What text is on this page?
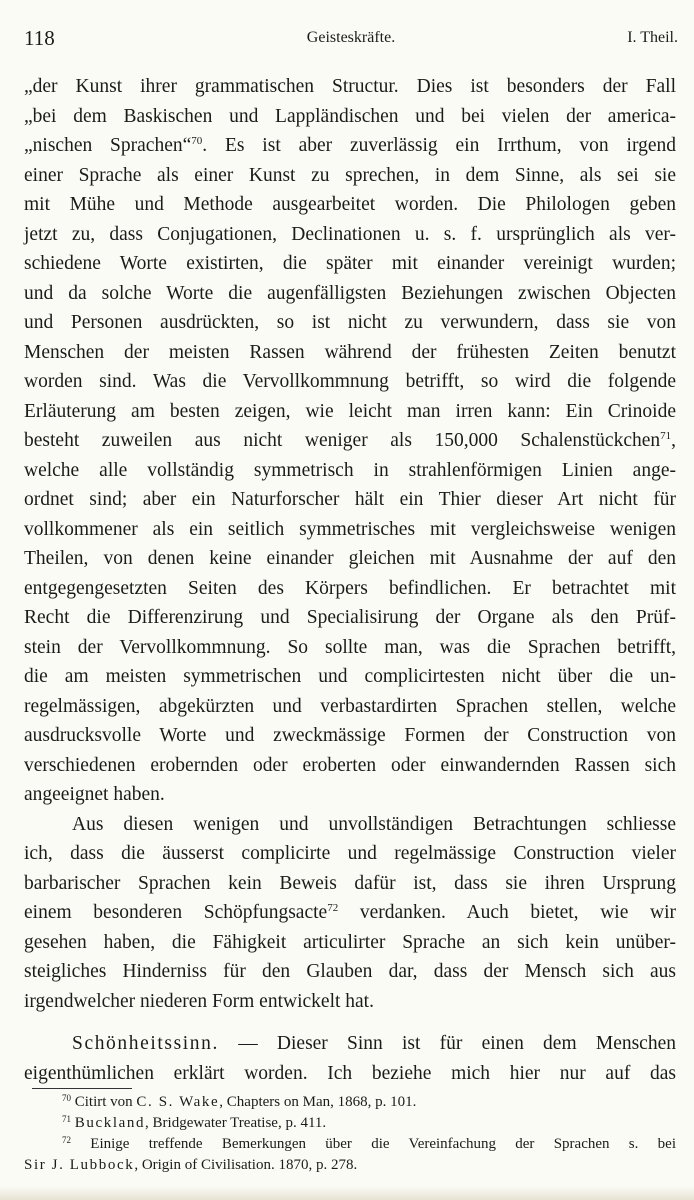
118	Geisteskräfte.	I. Theil.

„der Kunst ihrer grammatischen Structur. Dies ist besonders der Fall
„bei dem Baskischen und Lappländischen und bei vielen der america-
„nischen Sprachen“$^{70}$. Es ist aber zuverlässig ein Irrthum, von irgend
einer Sprache als einer Kunst zu sprechen, in dem Sinne, als sei sie
mit Mühe und Methode ausgearbeitet worden. Die Philologen geben
jetzt zu, dass Conjugationen, Declinationen u. s. f. ursprünglich als ver-
schiedene Worte existirten, die später mit einander vereinigt wurden;
und da solche Worte die augenfälligsten Beziehungen zwischen Objecten
und Personen ausdrückten, so ist nicht zu verwundern, dass sie von
Menschen der meisten Rassen während der frühesten Zeiten benutzt
worden sind. Was die Vervollkommnung betrifft, so wird die folgende
Erläuterung am besten zeigen, wie leicht man irren kann: Ein Crinoide
besteht zuweilen aus nicht weniger als 150,000 Schalenstückchen$^{71}$,
welche alle vollständig symmetrisch in strahlenförmigen Linien ange-
ordnet sind; aber ein Naturforscher hält ein Thier dieser Art nicht für
vollkommener als ein seitlich symmetrisches mit vergleichsweise wenigen
Theilen, von denen keine einander gleichen mit Ausnahme der auf den
entgegengesetzten Seiten des Körpers befindlichen. Er betrachtet mit
Recht die Differenzirung und Specialisirung der Organe als den Prüf-
stein der Vervollkommnung. So sollte man, was die Sprachen betrifft,
die am meisten symmetrischen und complicirtesten nicht über die un-
regelmässigen, abgekürzten und verbastardirten Sprachen stellen, welche
ausdrucksvolle Worte und zweckmässige Formen der Construction von
verschiedenen erobernden oder eroberten oder einwandernden Rassen sich
angeeignet haben.

Aus diesen wenigen und unvollständigen Betrachtungen schliesse
ich, dass die äusserst complicirte und regelmässige Construction vieler
barbarischer Sprachen kein Beweis dafür ist, dass sie ihren Ursprung
einem besonderen Schöpfungsacte$^{72}$ verdanken. Auch bietet, wie wir
gesehen haben, die Fähigkeit articulirter Sprache an sich kein unüber-
steigliches Hinderniss für den Glauben dar, dass der Mensch sich aus
irgendwelcher niederen Form entwickelt hat.

Schönheitssinn. — Dieser Sinn ist für einen dem Menschen
eigenthümlichen erklärt worden. Ich beziehe mich hier nur auf das

$^{70}$ Citirt von C. S. Wake, Chapters on Man, 1868, p. 101.
$^{71}$ Buckland, Bridgewater Treatise, p. 411.
$^{72}$ Einige treffende Bemerkungen über die Vereinfachung der Sprachen s. bei
Sir J. Lubbock, Origin of Civilisation. 1870, p. 278.
